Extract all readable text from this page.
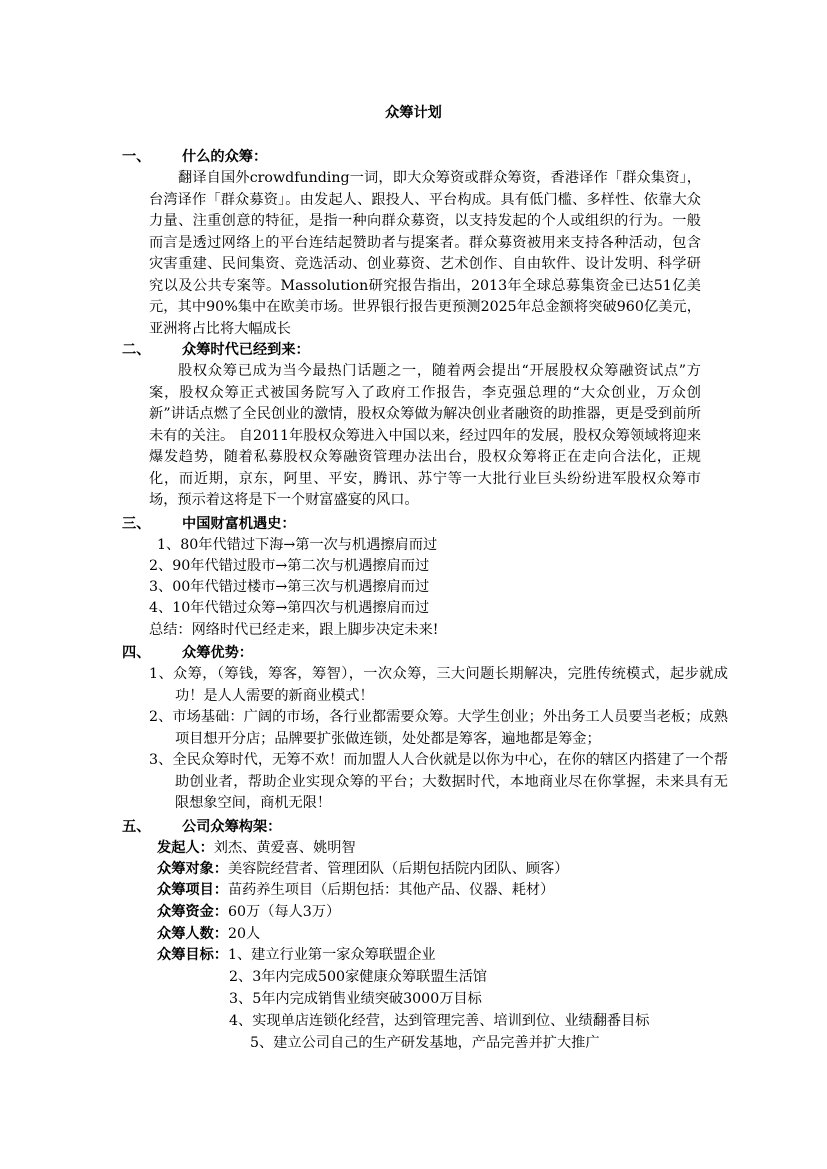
众筹计划
一、 什么的众筹：
翻译自国外crowdfunding一词，即大众筹资或群众筹资，香港译作「群众集资」，台湾译作「群众募资」。由发起人、跟投人、平台构成。具有低门槛、多样性、依靠大众力量、注重创意的特征，是指一种向群众募资，以支持发起的个人或组织的行为。一般而言是透过网络上的平台连结起赞助者与提案者。群众募资被用来支持各种活动，包含灾害重建、民间集资、竞选活动、创业募资、艺术创作、自由软件、设计发明、科学研究以及公共专案等。Massolution研究报告指出，2013年全球总募集资金已达51亿美元，其中90%集中在欧美市场。世界银行报告更预测2025年总金额将突破960亿美元，亚洲将占比将大幅成长
二、 众筹时代已经到来：
股权众筹已成为当今最热门话题之一，随着两会提出“开展股权众筹融资试点”方案，股权众筹正式被国务院写入了政府工作报告，李克强总理的“大众创业，万众创新”讲话点燃了全民创业的激情，股权众筹做为解决创业者融资的助推器，更是受到前所未有的关注。 自2011年股权众筹进入中国以来，经过四年的发展，股权众筹领域将迎来爆发趋势，随着私募股权众筹融资管理办法出台，股权众筹将正在走向合法化，正规化，而近期，京东，阿里、平安，腾讯、苏宁等一大批行业巨头纷纷进军股权众筹市场，预示着这将是下一个财富盛宴的风口。
三、 中国财富机遇史：
1、80年代错过下海→第一次与机遇擦肩而过
2、90年代错过股市→第二次与机遇擦肩而过
3、00年代错过楼市→第三次与机遇擦肩而过
4、10年代错过众筹→第四次与机遇擦肩而过
总结：网络时代已经走来，跟上脚步决定未来!
四、 众筹优势：
1、众筹，（筹钱，筹客，筹智），一次众筹，三大问题长期解决，完胜传统模式，起步就成功！是人人需要的新商业模式！
2、市场基础：广阔的市场，各行业都需要众筹。大学生创业；外出务工人员要当老板；成熟项目想开分店；品牌要扩张做连锁，处处都是筹客，遍地都是筹金；
3、全民众筹时代，无筹不欢！而加盟人人合伙就是以你为中心，在你的辖区内搭建了一个帮助创业者，帮助企业实现众筹的平台；大数据时代，本地商业尽在你掌握，未来具有无限想象空间，商机无限！
五、 公司众筹构架：
发起人：刘杰、黄爱喜、姚明智
众筹对象：美容院经营者、管理团队（后期包括院内团队、顾客）
众筹项目：苗药养生项目（后期包括：其他产品、仪器、耗材）
众筹资金：60万（每人3万）
众筹人数：20人
众筹目标：1、建立行业第一家众筹联盟企业
2、3年内完成500家健康众筹联盟生活馆
3、5年内完成销售业绩突破3000万目标
4、实现单店连锁化经营，达到管理完善、培训到位、业绩翻番目标
5、建立公司自己的生产研发基地，产品完善并扩大推广
